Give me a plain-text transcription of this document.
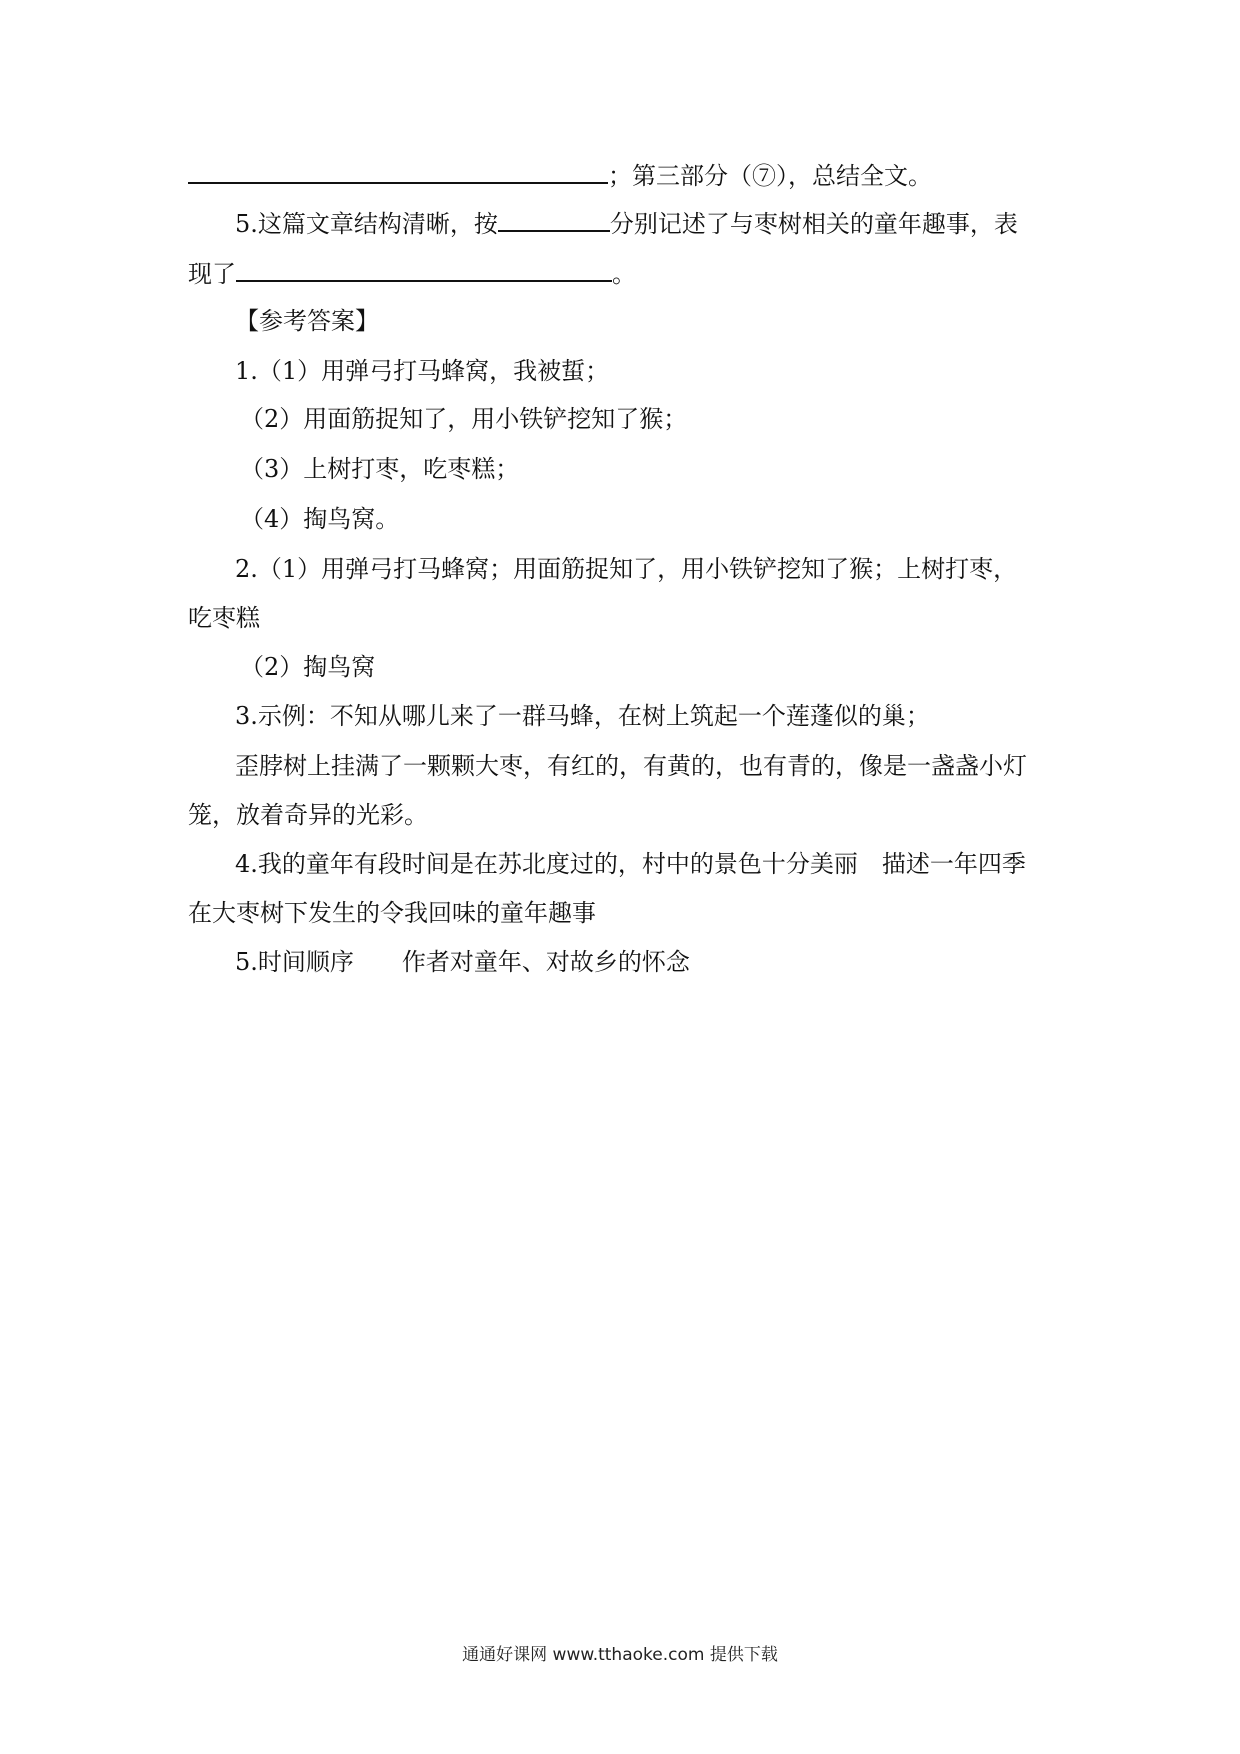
；第三部分（⑦），总结全文。
5.这篇文章结构清晰，按	分别记述了与枣树相关的童年趣事，表
现了	。
【参考答案】
1.（1）用弹弓打马蜂窝，我被蜇；
（2）用面筋捉知了，用小铁铲挖知了猴；
（3）上树打枣，吃枣糕；
（4）掏鸟窝。
2.（1）用弹弓打马蜂窝；用面筋捉知了，用小铁铲挖知了猴；上树打枣，
吃枣糕
（2）掏鸟窝
3.示例：不知从哪儿来了一群马蜂，在树上筑起一个莲蓬似的巢；
歪脖树上挂满了一颗颗大枣，有红的，有黄的，也有青的，像是一盏盏小灯
笼，放着奇异的光彩。
4.我的童年有段时间是在苏北度过的，村中的景色十分美丽　描述一年四季
在大枣树下发生的令我回味的童年趣事
5.时间顺序　　作者对童年、对故乡的怀念
通通好课网 www.tthaoke.com 提供下载
